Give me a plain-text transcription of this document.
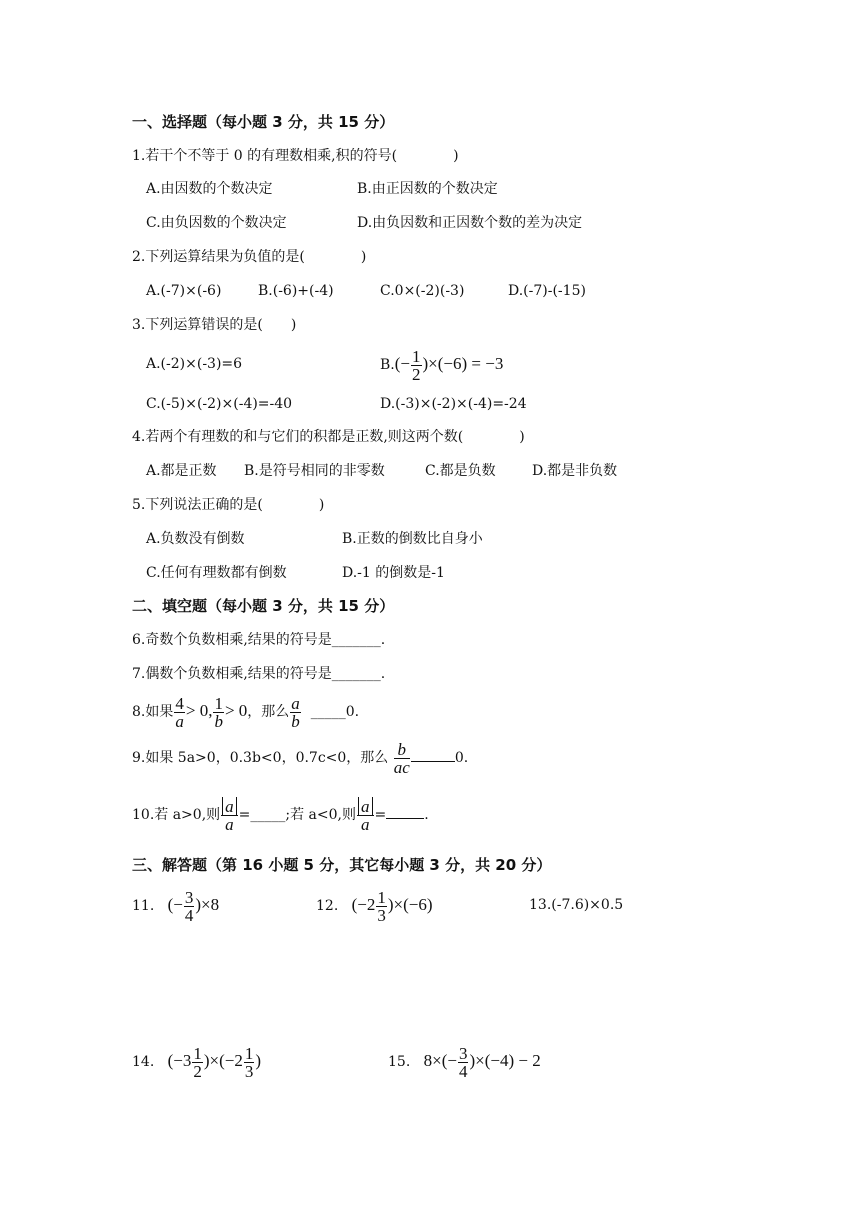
一、选择题（每小题 3 分，共 15 分）
1.若干个不等于 0 的有理数相乘,积的符号(　　　　)
A.由因数的个数决定	B.由正因数的个数决定
C.由负因数的个数决定	D.由负因数和正因数个数的差为决定
2.下列运算结果为负值的是(　　　　)
A.(-7)×(-6)	B.(-6)+(-4)	C.0×(-2)(-3)	D.(-7)-(-15)
3.下列运算错误的是(　　)
A.(-2)×(-3)=6	$B.(- \frac{1}{2} )\times(-6) = -3$
C.(-5)×(-2)×(-4)=-40	D.(-3)×(-2)×(-4)=-24
4.若两个有理数的和与它们的积都是正数,则这两个数(　　　　)
A.都是正数 B.是符号相同的非零数	C.都是负数	D.都是非负数
5.下列说法正确的是(　　　　)
A.负数没有倒数	B.正数的倒数比自身小
C.任何有理数都有倒数	D.-1 的倒数是-1
二、填空题（每小题 3 分，共 15 分）
6.奇数个负数相乘,结果的符号是_______.
7.偶数个负数相乘,结果的符号是_______.
8.如果 $\frac{4}{a} > 0$, $\frac{1}{b} > 0$，那么 $\frac{a}{b}$ _____0.
9.如果 5a>0，0.3b<0，0.7c<0，那么 $\frac{b}{ac}$	0.
10.若 a>0,则 $\frac{a}{a}$ =_____;若 a<0,则 $\frac{a}{a}$ =	.
三、解答题（第 16 小题 5 分，其它每小题 3 分，共 20 分）
11. (− $\frac{3}{4} )\times 8$	12. $(-2 \frac{1}{3} )\times(-6)$	13.(-7.6)×0.5
14. $(-3 \frac{1}{2} )\times(-2 \frac{1}{3}$ )	15. $8\times(- \frac{3}{4} )\times(-4) - 2$
